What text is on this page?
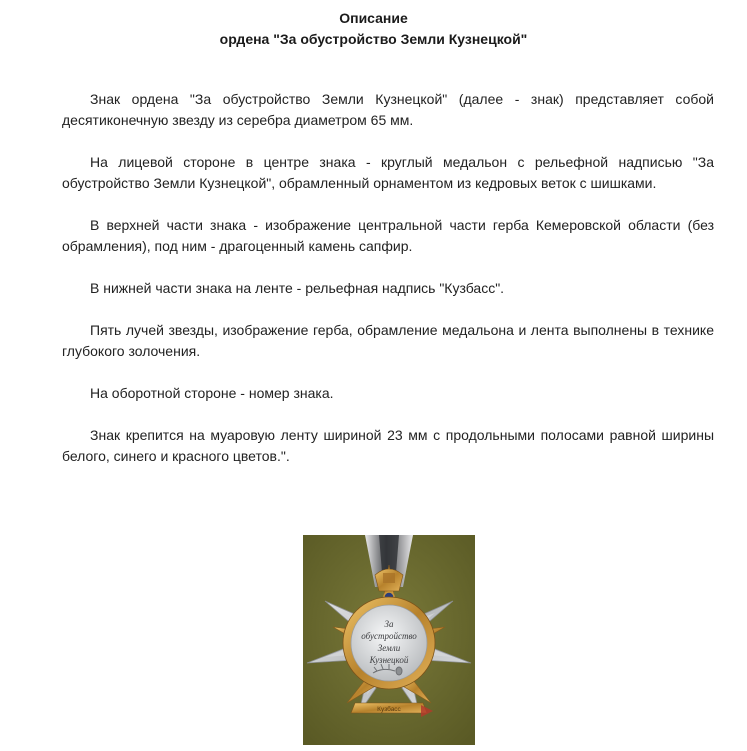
Описание
ордена "За обустройство Земли Кузнецкой"

Знак ордена "За обустройство Земли Кузнецкой" (далее - знак) представляет собой десятиконечную звезду из серебра диаметром 65 мм.

На лицевой стороне в центре знака - круглый медальон с рельефной надписью "За обустройство Земли Кузнецкой", обрамленный орнаментом из кедровых веток с шишками.

В верхней части знака - изображение центральной части герба Кемеровской области (без обрамления), под ним - драгоценный камень сапфир.

В нижней части знака на ленте - рельефная надпись "Кузбасс".

Пять лучей звезды, изображение герба, обрамление медальона и лента выполнены в технике глубокого золочения.

На оборотной стороне - номер знака.

Знак крепится на муаровую ленту шириной 23 мм с продольными полосами равной ширины белого, синего и красного цветов.".

За
обустройство
Земли
Кузнецкой
Кузбасс
